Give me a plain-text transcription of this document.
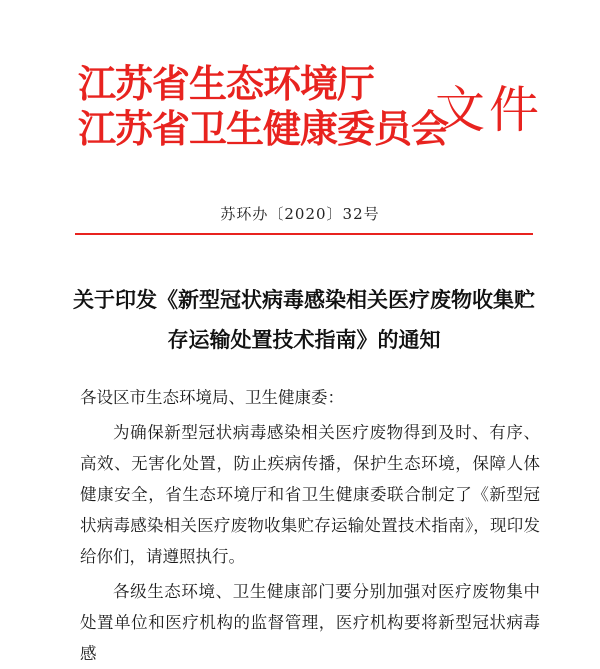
江苏省生态环境厅
江苏省卫生健康委员会
文件
苏环办〔2020〕32号
关于印发《新型冠状病毒感染相关医疗废物收集贮存运输处置技术指南》的通知

各设区市生态环境局、卫生健康委：

为确保新型冠状病毒感染相关医疗废物得到及时、有序、高效、无害化处置，防止疾病传播，保护生态环境，保障人体健康安全，省生态环境厅和省卫生健康委联合制定了《新型冠状病毒感染相关医疗废物收集贮存运输处置技术指南》，现印发给你们，请遵照执行。

各级生态环境、卫生健康部门要分别加强对医疗废物集中处置单位和医疗机构的监督管理，医疗机构要将新型冠状病毒感
